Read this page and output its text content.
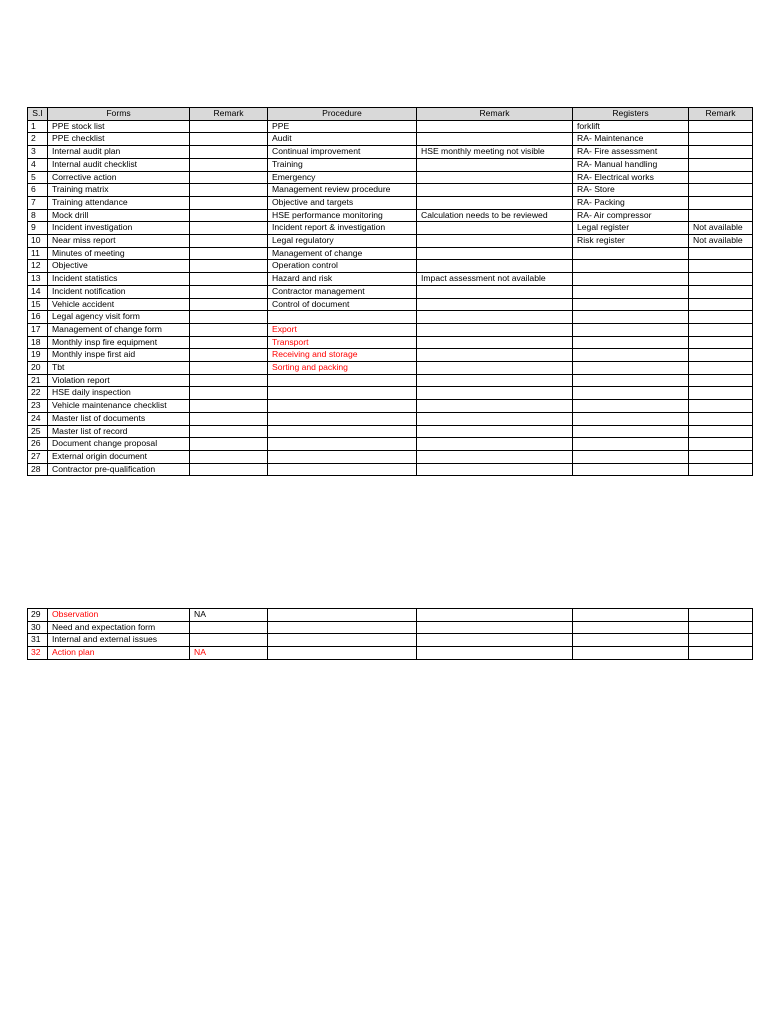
S.I	Forms	Remark	Procedure	Remark	Registers	Remark
1	PPE stock list		PPE		forklift	
2	PPE checklist		Audit		RA- Maintenance	
3	Internal audit plan		Continual improvement	HSE monthly meeting not visible	RA- Fire assessment	
4	Internal audit checklist		Training		RA- Manual handling	
5	Corrective action		Emergency		RA- Electrical works	
6	Training matrix		Management review procedure		RA- Store	
7	Training attendance		Objective and targets		RA- Packing	
8	Mock drill		HSE performance monitoring	Calculation needs to be reviewed	RA- Air compressor	
9	Incident investigation		Incident report & investigation		Legal register	Not available
10	Near miss report		Legal regulatory		Risk register	Not available
11	Minutes of meeting		Management of change			
12	Objective		Operation control			
13	Incident statistics		Hazard and risk	Impact assessment not available		
14	Incident notification		Contractor management			
15	Vehicle accident		Control of document			
16	Legal agency visit form					
17	Management of change form		Export			
18	Monthly insp fire equipment		Transport			
19	Monthly inspe first aid		Receiving and storage			
20	Tbt		Sorting and packing			
21	Violation report					
22	HSE daily inspection					
23	Vehicle maintenance checklist					
24	Master list of documents					
25	Master list of record					
26	Document change proposal					
27	External origin document					
28	Contractor pre-qualification					
29	Observation	NA				
30	Need and expectation form					
31	Internal and external issues					
32	Action plan	NA				
